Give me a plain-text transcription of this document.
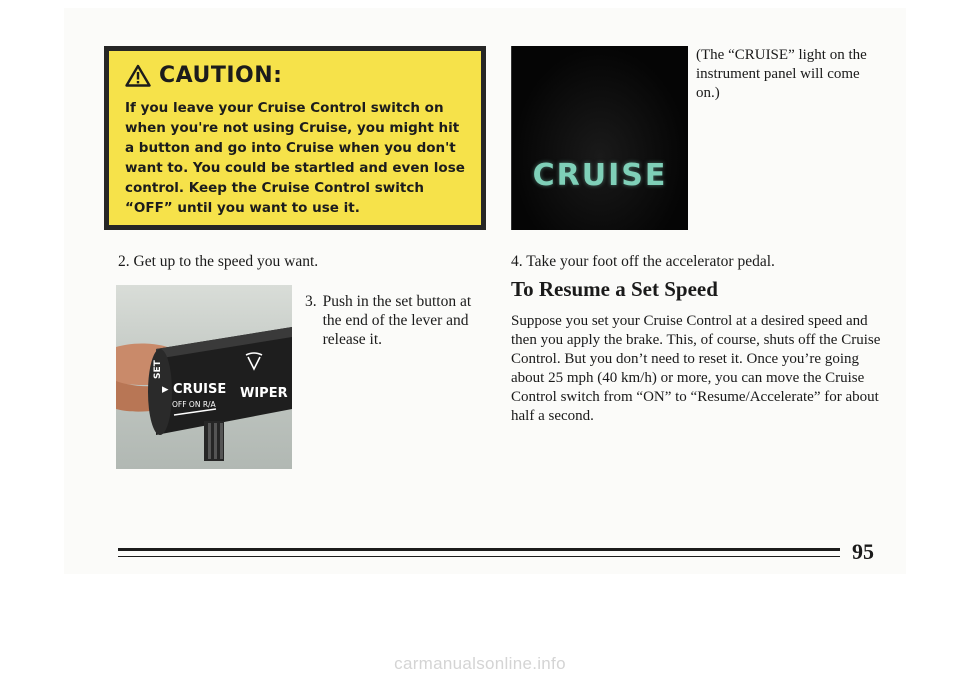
CAUTION:
If you leave your Cruise Control switch on when you're not using Cruise, you might hit a button and go into Cruise when you don't want to. You could be startled and even lose control. Keep the Cruise Control switch “OFF” until you want to use it.
CRUISE
(The “CRUISE” light on the instrument panel will come on.)
2. Get up to the speed you want.
SET
▸ CRUISE
OFF ON R/A
WIPER
3. Push in the set button at the end of the lever and release it.
4. Take your foot off the accelerator pedal.
To Resume a Set Speed
Suppose you set your Cruise Control at a desired speed and then you apply the brake. This, of course, shuts off the Cruise Control. But you don’t need to reset it. Once you’re going about 25 mph (40 km/h) or more, you can move the Cruise Control switch from “ON” to “Resume/Accelerate” for about half a second.
95
carmanualsonline.info
